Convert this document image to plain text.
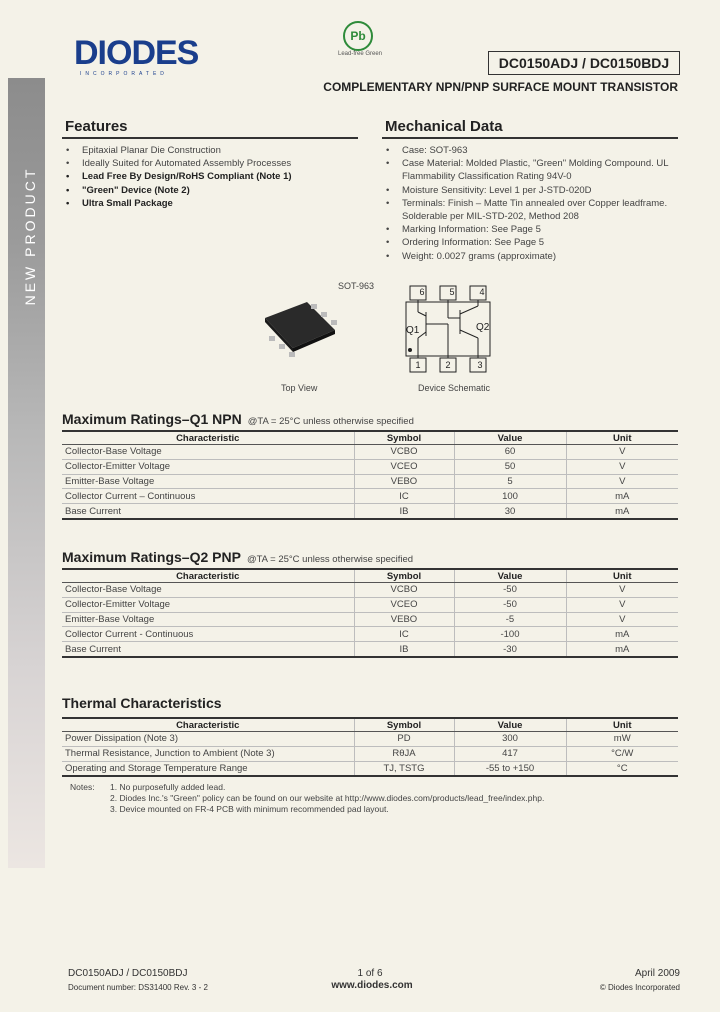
NEW PRODUCT
DIODES
INCORPORATED
Pb
Lead-free Green
DC0150ADJ / DC0150BDJ
COMPLEMENTARY NPN/PNP SURFACE MOUNT TRANSISTOR
Features
• Epitaxial Planar Die Construction
• Ideally Suited for Automated Assembly Processes
• Lead Free By Design/RoHS Compliant (Note 1)
• "Green" Device (Note 2)
• Ultra Small Package
Mechanical Data
• Case: SOT-963
• Case Material: Molded Plastic, "Green" Molding Compound. UL Flammability Classification Rating 94V-0
• Moisture Sensitivity: Level 1 per J-STD-020D
• Terminals: Finish – Matte Tin annealed over Copper leadframe. Solderable per MIL-STD-202, Method 208
• Marking Information: See Page 5
• Ordering Information: See Page 5
• Weight: 0.0027 grams (approximate)
SOT-963
Top View
6	5	4
1	2	3
Q1	Q2
Device Schematic
Maximum Ratings–Q1 NPN @TA = 25°C unless otherwise specified
Characteristic	Symbol	Value	Unit
Collector-Base Voltage	VCBO	60	V
Collector-Emitter Voltage	VCEO	50	V
Emitter-Base Voltage	VEBO	5	V
Collector Current – Continuous	IC	100	mA
Base Current	IB	30	mA
Maximum Ratings–Q2 PNP @TA = 25°C unless otherwise specified
Characteristic	Symbol	Value	Unit
Collector-Base Voltage	VCBO	-50	V
Collector-Emitter Voltage	VCEO	-50	V
Emitter-Base Voltage	VEBO	-5	V
Collector Current - Continuous	IC	-100	mA
Base Current	IB	-30	mA
Thermal Characteristics
Characteristic	Symbol	Value	Unit
Power Dissipation (Note 3)	PD	300	mW
Thermal Resistance, Junction to Ambient (Note 3)	RθJA	417	°C/W
Operating and Storage Temperature Range	TJ, TSTG	-55 to +150	°C
Notes: 1. No purposefully added lead.
2. Diodes Inc.'s "Green" policy can be found on our website at http://www.diodes.com/products/lead_free/index.php.
3. Device mounted on FR-4 PCB with minimum recommended pad layout.
DC0150ADJ / DC0150BDJ
Document number: DS31400 Rev. 3 - 2
1 of 6
www.diodes.com
April 2009
© Diodes Incorporated
